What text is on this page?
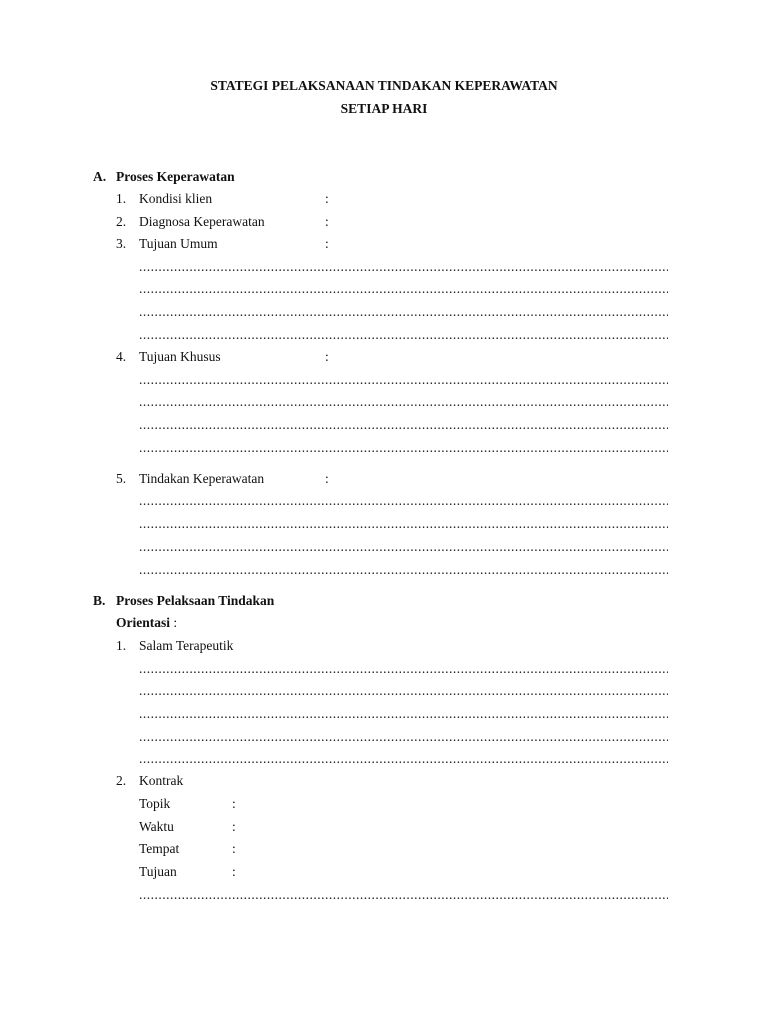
STATEGI PELAKSANAAN TINDAKAN KEPERAWATAN
SETIAP HARI
A. Proses Keperawatan
1. Kondisi klien	:
2. Diagnosa Keperawatan	:
3. Tujuan Umum	:
.....
.....
.....
.....
4. Tujuan Khusus	:
.....
.....
.....
.....
5. Tindakan Keperawatan	:
.....
.....
.....
.....
B. Proses Pelaksaan Tindakan
Orientasi :
1. Salam Terapeutik
.....
.....
.....
.....
.....
2. Kontrak
Topik	:
Waktu	:
Tempat	:
Tujuan	:
.....
